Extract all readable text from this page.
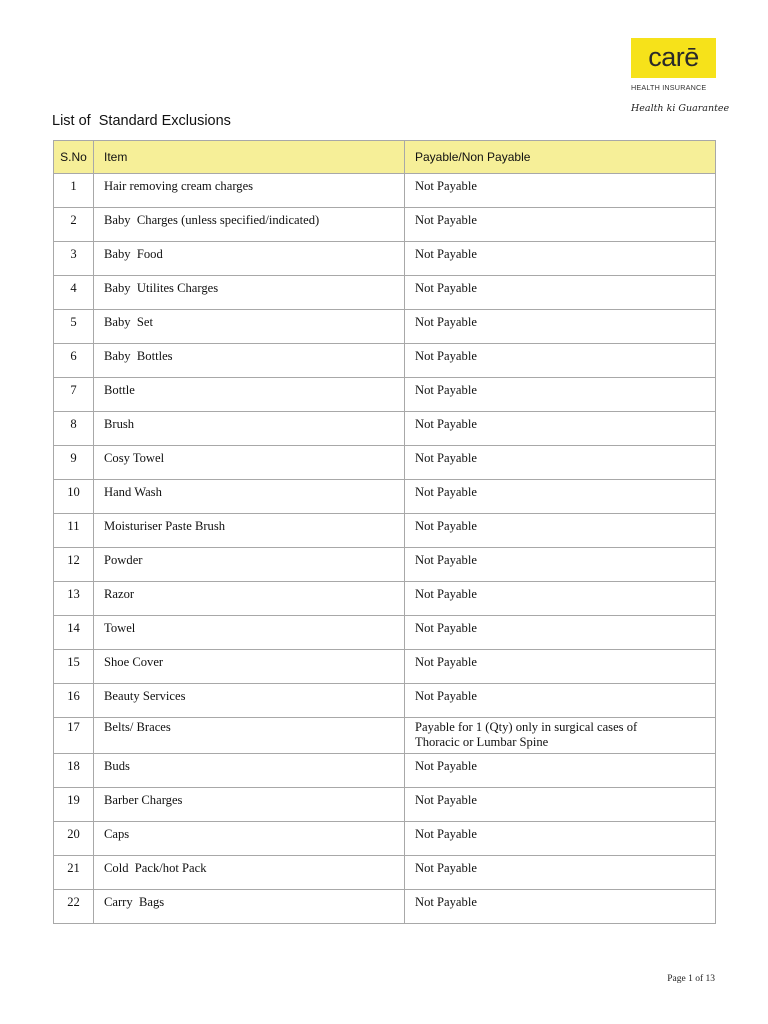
carē
HEALTH INSURANCE
Health ki Guarantee
List of  Standard Exclusions
S.No	Item	Payable/Non Payable
1	Hair removing cream charges	Not Payable
2	Baby  Charges (unless specified/indicated)	Not Payable
3	Baby  Food	Not Payable
4	Baby  Utilites Charges	Not Payable
5	Baby  Set	Not Payable
6	Baby  Bottles	Not Payable
7	Bottle	Not Payable
8	Brush	Not Payable
9	Cosy Towel	Not Payable
10	Hand Wash	Not Payable
11	Moisturiser Paste Brush	Not Payable
12	Powder	Not Payable
13	Razor	Not Payable
14	Towel	Not Payable
15	Shoe Cover	Not Payable
16	Beauty Services	Not Payable
17	Belts/ Braces	Payable for 1 (Qty) only in surgical cases of
Thoracic or Lumbar Spine
18	Buds	Not Payable
19	Barber Charges	Not Payable
20	Caps	Not Payable
21	Cold  Pack/hot Pack	Not Payable
22	Carry  Bags	Not Payable
Page 1 of 13
